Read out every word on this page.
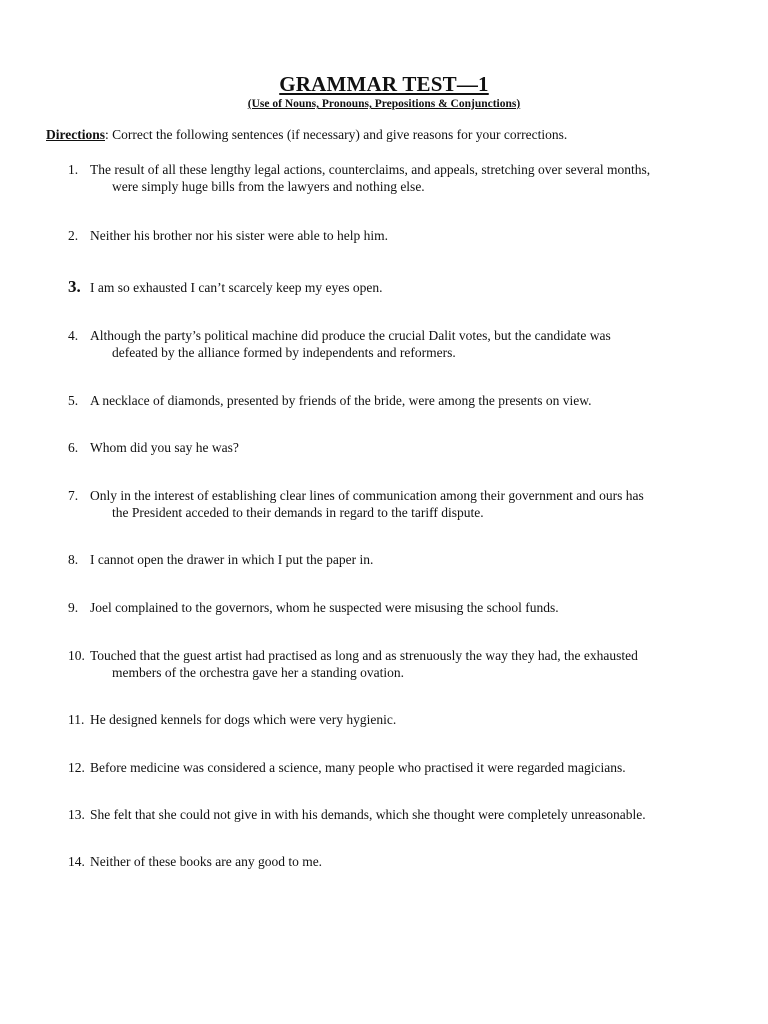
GRAMMAR TEST—1
(Use of Nouns, Pronouns, Prepositions & Conjunctions)
Directions: Correct the following sentences (if necessary) and give reasons for your corrections.
1. The result of all these lengthy legal actions, counterclaims, and appeals, stretching over several months,
were simply huge bills from the lawyers and nothing else.
2. Neither his brother nor his sister were able to help him.
3. I am so exhausted I can’t scarcely keep my eyes open.
4. Although the party’s political machine did produce the crucial Dalit votes, but the candidate was
defeated by the alliance formed by independents and reformers.
5. A necklace of diamonds, presented by friends of the bride, were among the presents on view.
6. Whom did you say he was?
7. Only in the interest of establishing clear lines of communication among their government and ours has
the President acceded to their demands in regard to the tariff dispute.
8. I cannot open the drawer in which I put the paper in.
9. Joel complained to the governors, whom he suspected were misusing the school funds.
10. Touched that the guest artist had practised as long and as strenuously the way they had, the exhausted
members of the orchestra gave her a standing ovation.
11. He designed kennels for dogs which were very hygienic.
12. Before medicine was considered a science, many people who practised it were regarded magicians.
13. She felt that she could not give in with his demands, which she thought were completely unreasonable.
14. Neither of these books are any good to me.
